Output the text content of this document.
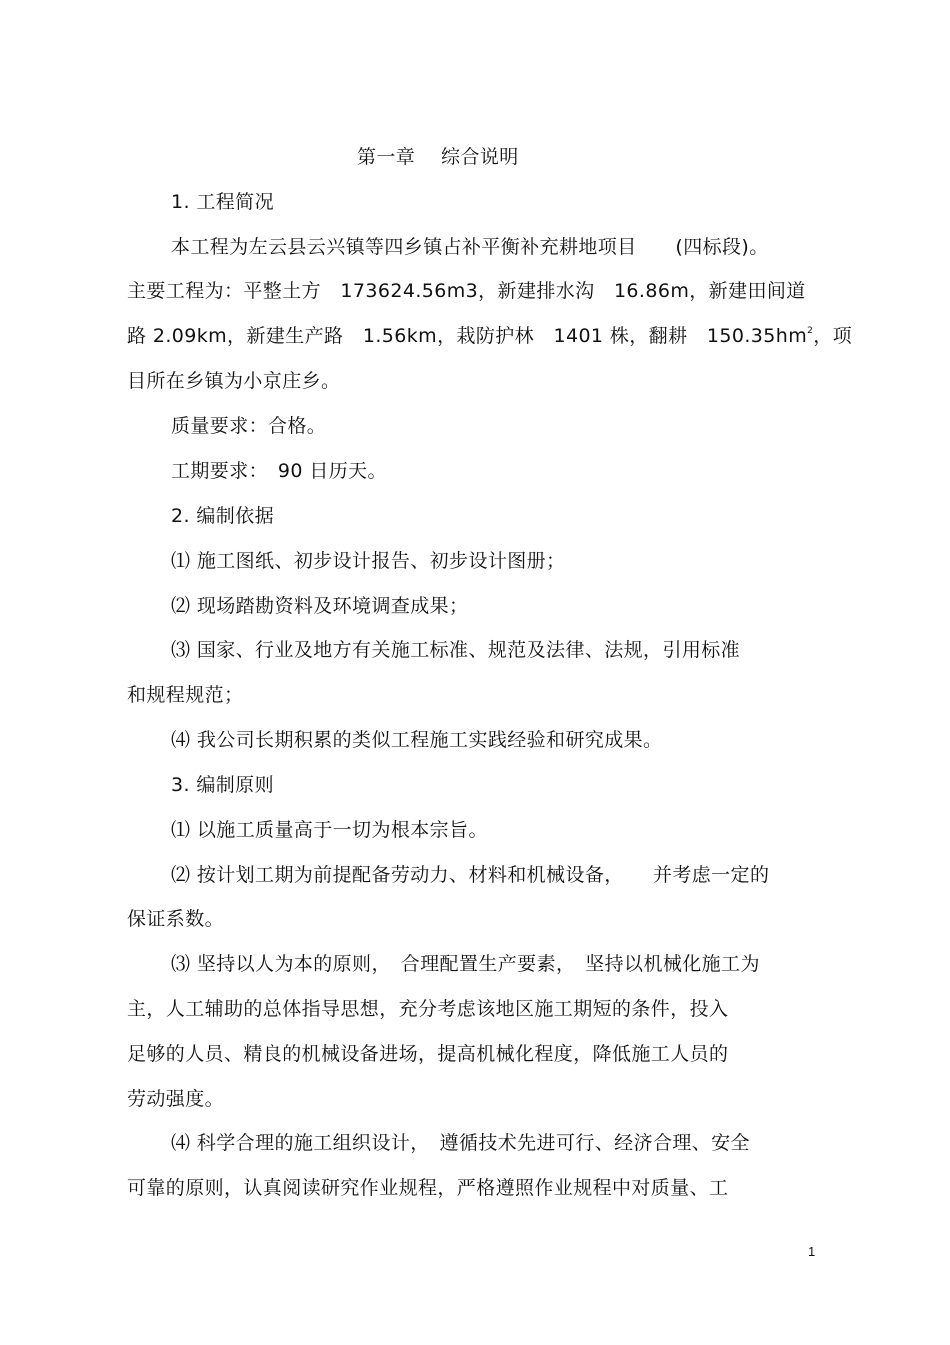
第一章　 综合说明
1. 工程简况
本工程为左云县云兴镇等四乡镇占补平衡补充耕地项目　　(四标段)。
主要工程为：平整土方　173624.56m3，新建排水沟　16.86m，新建田间道
路 2.09km，新建生产路　1.56km，栽防护林　1401 株，翻耕　$150.35hm^2$，项
目所在乡镇为小京庄乡。
质量要求：合格。
工期要求：　90 日历天。
2. 编制依据
⑴ 施工图纸、初步设计报告、初步设计图册；
⑵ 现场踏勘资料及环境调查成果；
⑶ 国家、行业及地方有关施工标准、规范及法律、法规，引用标准
和规程规范；
⑷ 我公司长期积累的类似工程施工实践经验和研究成果。
3. 编制原则
⑴ 以施工质量高于一切为根本宗旨。
⑵ 按计划工期为前提配备劳动力、材料和机械设备，　　并考虑一定的
保证系数。
⑶ 坚持以人为本的原则，　合理配置生产要素，　坚持以机械化施工为
主，人工辅助的总体指导思想，充分考虑该地区施工期短的条件，投入
足够的人员、精良的机械设备进场，提高机械化程度，降低施工人员的
劳动强度。
⑷ 科学合理的施工组织设计，　遵循技术先进可行、经济合理、安全
可靠的原则，认真阅读研究作业规程，严格遵照作业规程中对质量、工
1
